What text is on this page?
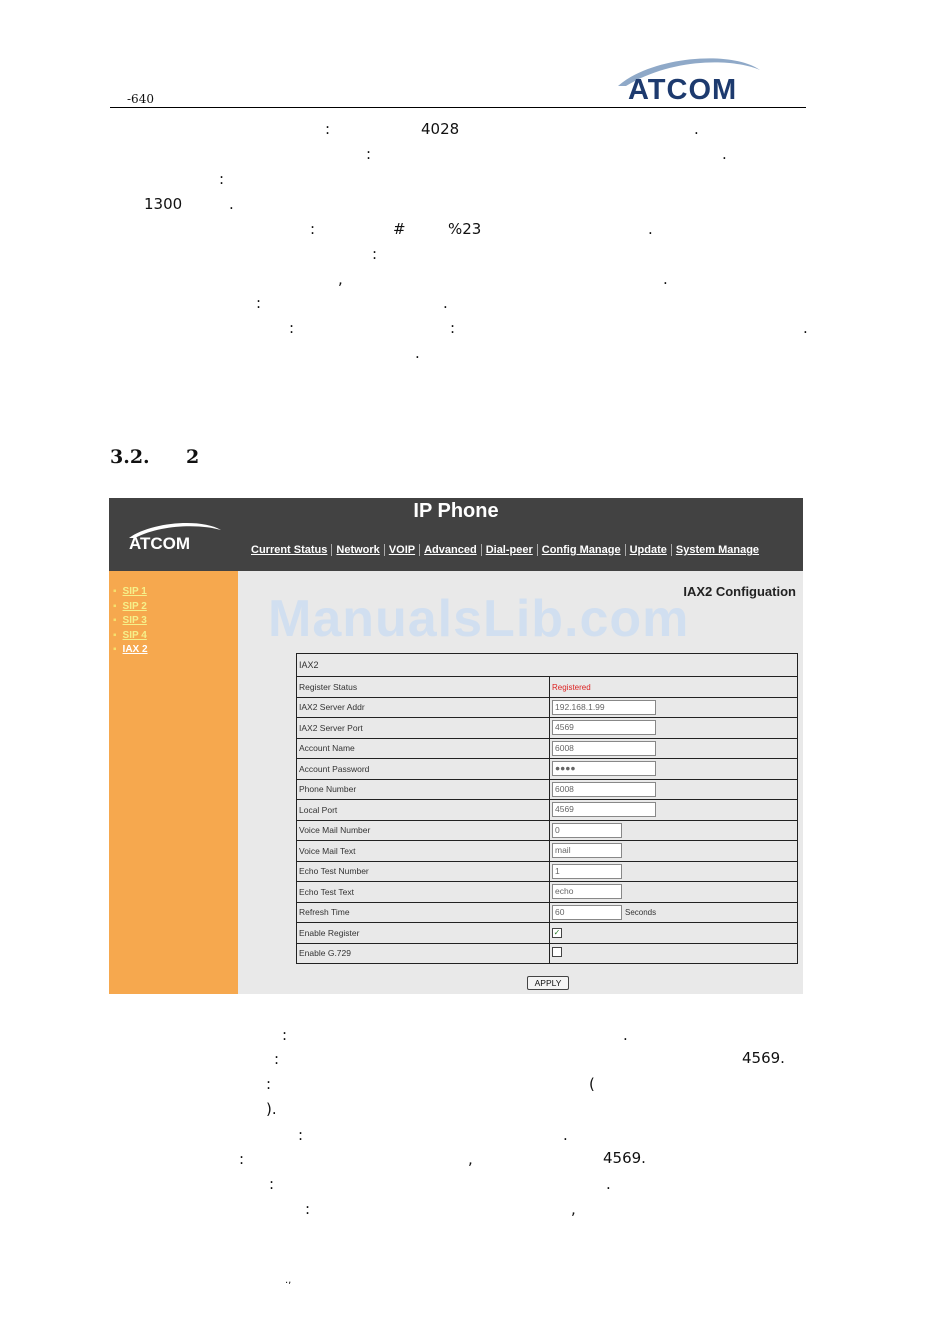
-640	ATCOM
:	4028	.
:	.
:
1300	.
:	#	%23	.
:
,	.
:	.
:	:	.
.
3.2. 2
IP Phone
ATCOM	Current Status Network VOIP Advanced Dial-peer Config Manage Update System Manage
▪ SIP 1
▪ SIP 2
▪ SIP 3
▪ SIP 4
▪ IAX 2
ManualsLib.com
IAX2 Configuation
IAX2	
Register Status	Registered
IAX2 Server Addr	192.168.1.99
IAX2 Server Port	4569
Account Name	6008
Account Password	●●●●
Phone Number	6008
Local Port	4569
Voice Mail Number	0
Voice Mail Text	mail
Echo Test Number	1
Echo Test Text	echo
Refresh Time	60 Seconds
Enable Register	✓
Enable G.729	
APPLY
:	.
:	4569.
:	(
).
:	.
:	,	4569.
:	.
:	,
.,
